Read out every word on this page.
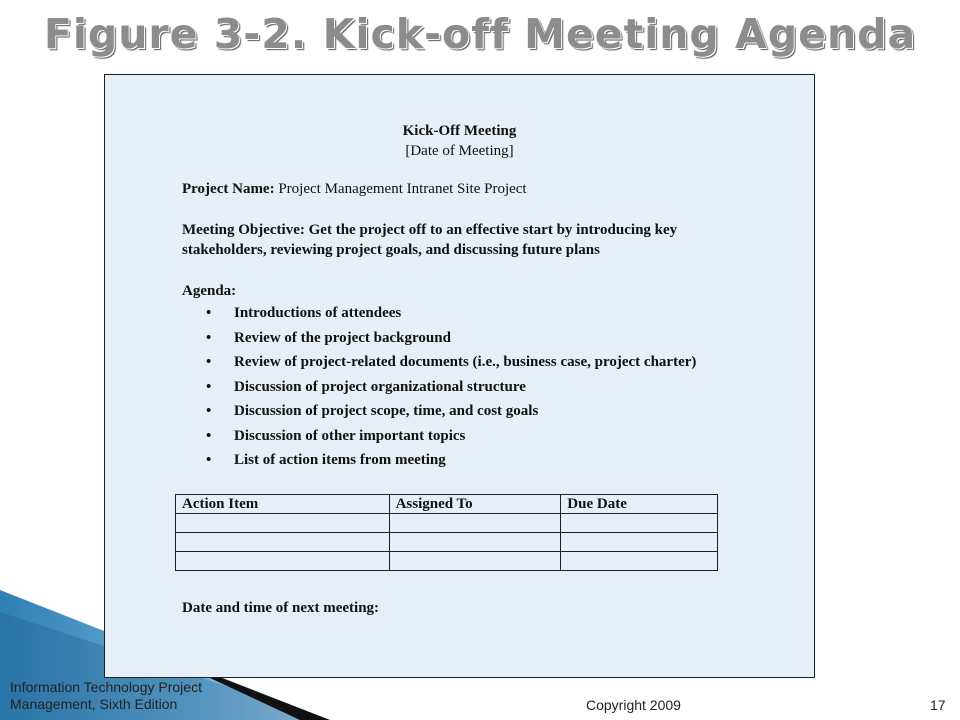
Figure 3-2. Kick-off Meeting Agenda
Kick-Off Meeting
[Date of Meeting]
Project Name: Project Management Intranet Site Project
Meeting Objective: Get the project off to an effective start by introducing key stakeholders, reviewing project goals, and discussing future plans
Agenda:
• Introductions of attendees
• Review of the project background
• Review of project-related documents (i.e., business case, project charter)
• Discussion of project organizational structure
• Discussion of project scope, time, and cost goals
• Discussion of other important topics
• List of action items from meeting
Action Item	Assigned To	Due Date

Date and time of next meeting:
Information Technology Project Management, Sixth Edition	Copyright 2009	17
